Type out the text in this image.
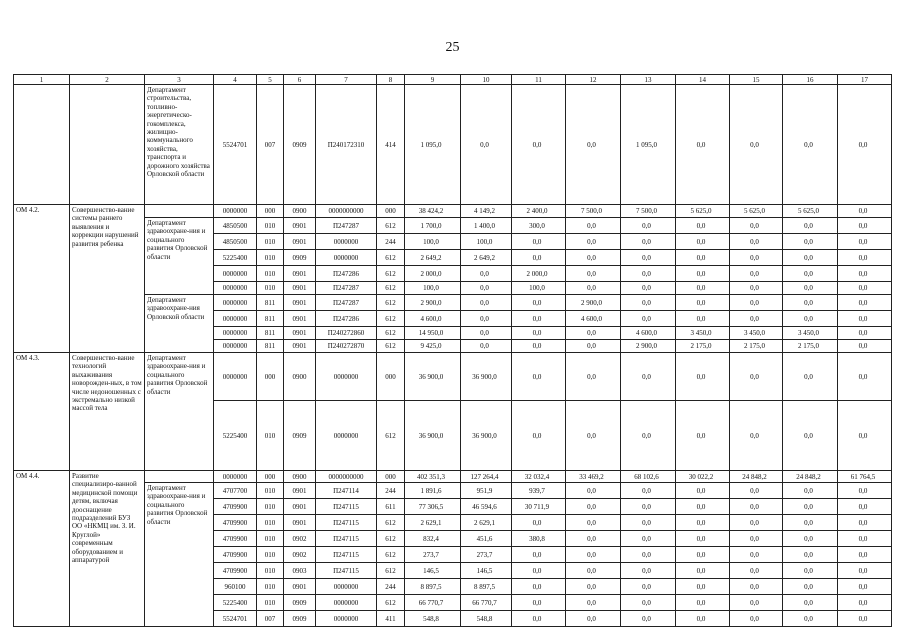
25
1	2	3	4	5	6	7	8	9	10	11	12	13	14	15	16	17
		Департамент строительства, топливно-энергетическо-гокомплекса, жилищно-коммунального хозяйства, транспорта и дорожного хозяйства Орловской области	5524701	007	0909	П240172310	414	1 095,0	0,0	0,0	0,0	1 095,0	0,0	0,0	0,0	0,0
ОМ 4.2.	Совершенство-вание системы раннего выявления и коррекции нарушений развития ребенка		0000000	000	0900	0000000000	000	38 424,2	4 149,2	2 400,0	7 500,0	7 500,0	5 625,0	5 625,0	5 625,0	0,0
		Департамент здравоохране-ния и социального развития Орловской области	4850500	010	0901	П247287	612	1 700,0	1 400,0	300,0	0,0	0,0	0,0	0,0	0,0	0,0
			4850500	010	0901	0000000	244	100,0	100,0	0,0	0,0	0,0	0,0	0,0	0,0	0,0
			5225400	010	0909	0000000	612	2 649,2	2 649,2	0,0	0,0	0,0	0,0	0,0	0,0	0,0
			0000000	010	0901	П247286	612	2 000,0	0,0	2 000,0	0,0	0,0	0,0	0,0	0,0	0,0
			0000000	010	0901	П247287	612	100,0	0,0	100,0	0,0	0,0	0,0	0,0	0,0	0,0
		Департамент здравоохране-ния Орловской области	0000000	811	0901	П247287	612	2 900,0	0,0	0,0	2 900,0	0,0	0,0	0,0	0,0	0,0
			0000000	811	0901	П247286	612	4 600,0	0,0	0,0	4 600,0	0,0	0,0	0,0	0,0	0,0
			0000000	811	0901	П240272860	612	14 950,0	0,0	0,0	0,0	4 600,0	3 450,0	3 450,0	3 450,0	0,0
			0000000	811	0901	П240272870	612	9 425,0	0,0	0,0	0,0	2 900,0	2 175,0	2 175,0	2 175,0	0,0
ОМ 4.3.	Совершенство-вание технологий выхаживания новорожден-ных, в том числе недоношенных с экстремально низкой массой тела	Департамент здравоохране-ния и социального развития Орловской области	0000000	000	0900	0000000	000	36 900,0	36 900,0	0,0	0,0	0,0	0,0	0,0	0,0	0,0
			5225400	010	0909	0000000	612	36 900,0	36 900,0	0,0	0,0	0,0	0,0	0,0	0,0	0,0
ОМ 4.4.	Развитие специализиро-ванной медицинской помощи детям, включая дооснащение подразделений БУЗ ОО «НКМЦ им. З. И. Круглой» современным оборудованием и аппаратурой		0000000	000	0900	0000000000	000	402 351,3	127 264,4	32 032,4	33 469,2	68 102,6	30 022,2	24 848,2	24 848,2	61 764,5
		Департамент здравоохране-ния и социального развития Орловской области	4707700	010	0901	П247114	244	1 891,6	951,9	939,7	0,0	0,0	0,0	0,0	0,0	0,0
			4709900	010	0901	П247115	611	77 306,5	46 594,6	30 711,9	0,0	0,0	0,0	0,0	0,0	0,0
			4709900	010	0901	П247115	612	2 629,1	2 629,1	0,0	0,0	0,0	0,0	0,0	0,0	0,0
			4709900	010	0902	П247115	612	832,4	451,6	380,8	0,0	0,0	0,0	0,0	0,0	0,0
			4709900	010	0902	П247115	612	273,7	273,7	0,0	0,0	0,0	0,0	0,0	0,0	0,0
			4709900	010	0903	П247115	612	146,5	146,5	0,0	0,0	0,0	0,0	0,0	0,0	0,0
			960100	010	0901	0000000	244	8 897,5	8 897,5	0,0	0,0	0,0	0,0	0,0	0,0	0,0
			5225400	010	0909	0000000	612	66 770,7	66 770,7	0,0	0,0	0,0	0,0	0,0	0,0	0,0
			5524701	007	0909	0000000	411	548,8	548,8	0,0	0,0	0,0	0,0	0,0	0,0	0,0
